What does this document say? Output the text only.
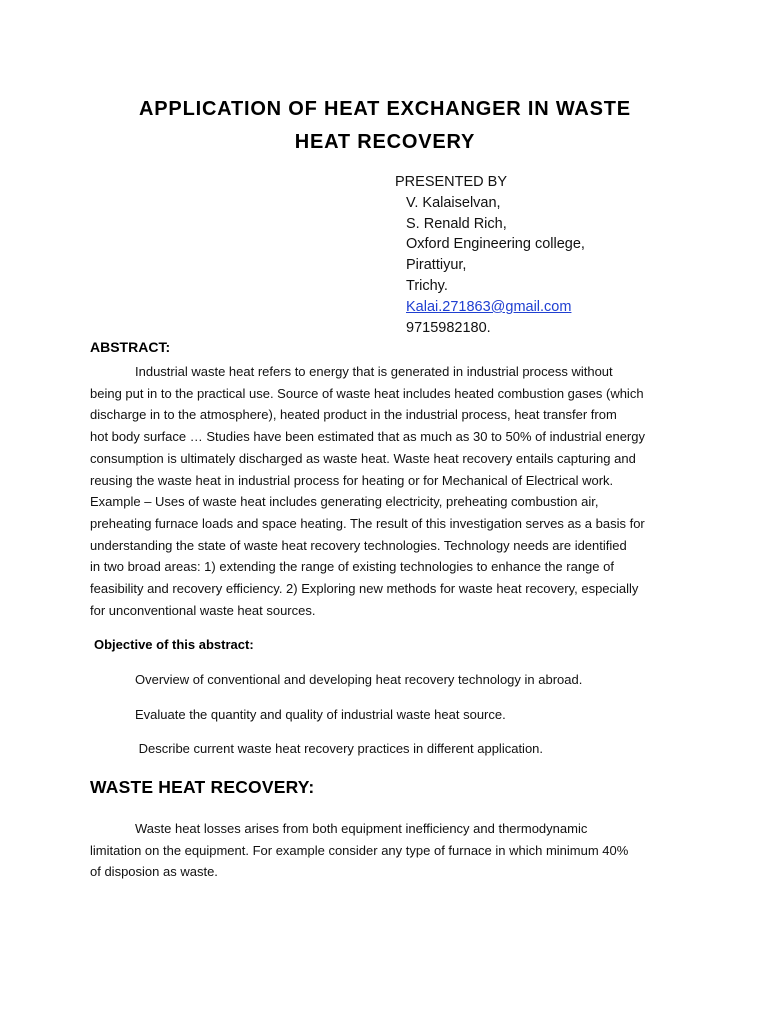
APPLICATION OF HEAT EXCHANGER IN WASTE
HEAT RECOVERY
PRESENTED BY
V. Kalaiselvan,
S. Renald Rich,
Oxford Engineering college,
Pirattiyur,
Trichy.
Kalai.271863@gmail.com
9715982180.
ABSTRACT:
Industrial waste heat refers to energy that is generated in industrial process without
being put in to the practical use. Source of waste heat includes heated combustion gases (which
discharge in to the atmosphere), heated product in the industrial process, heat transfer from
hot body surface … Studies have been estimated that as much as 30 to 50% of industrial energy
consumption is ultimately discharged as waste heat. Waste heat recovery entails capturing and
reusing the waste heat in industrial process for heating or for Mechanical of Electrical work.
Example – Uses of waste heat includes generating electricity, preheating combustion air,
preheating furnace loads and space heating. The result of this investigation serves as a basis for
understanding the state of waste heat recovery technologies. Technology needs are identified
in two broad areas: 1) extending the range of existing technologies to enhance the range of
feasibility and recovery efficiency. 2) Exploring new methods for waste heat recovery, especially
for unconventional waste heat sources.
Objective of this abstract:
Overview of conventional and developing heat recovery technology in abroad.
Evaluate the quantity and quality of industrial waste heat source.
Describe current waste heat recovery practices in different application.
WASTE HEAT RECOVERY:
Waste heat losses arises from both equipment inefficiency and thermodynamic
limitation on the equipment. For example consider any type of furnace in which minimum 40%
of disposion as waste.
